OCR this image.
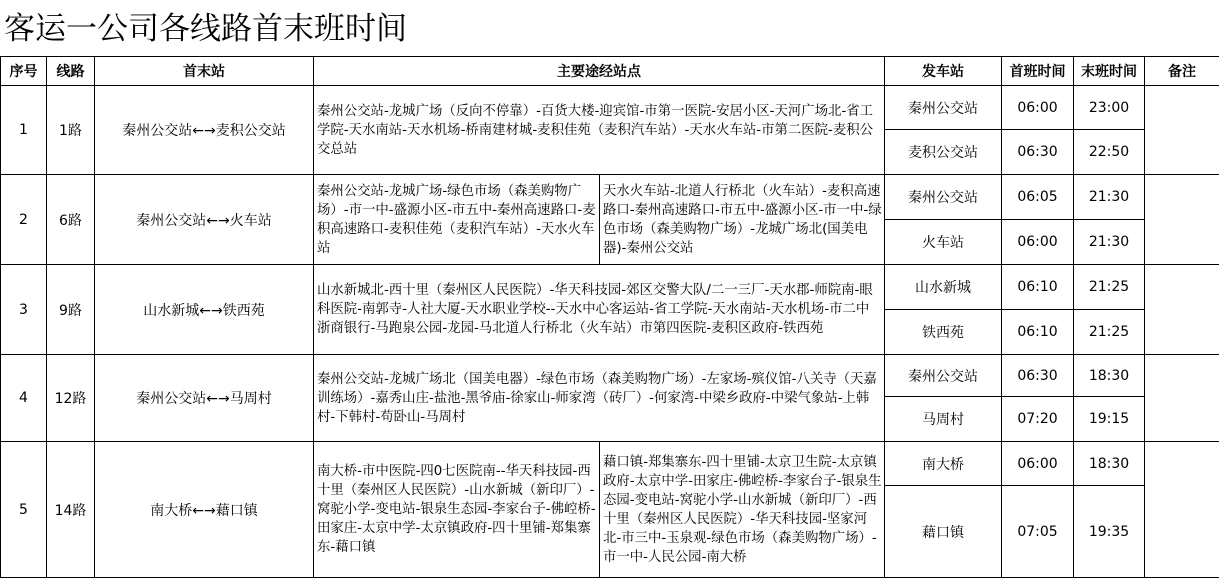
客运一公司各线路首末班时间
序号	线路	首末站	主要途经站点		发车站	首班时间	末班时间	备注
1	1路	秦州公交站←→麦积公交站	秦州公交站-龙城广场（反向不停靠）-百货大楼-迎宾馆-市第一医院-安居小区-天河广场北-省工学院-天水南站-天水机场-桥南建材城-麦积佳苑（麦积汽车站）-天水火车站-市第二医院-麦积公交总站		秦州公交站	06:00	23:00	
					麦积公交站	06:30	22:50	
2	6路	秦州公交站←→火车站	秦州公交站-龙城广场-绿色市场（森美购物广场）-市一中-盛源小区-市五中-秦州高速路口-麦积高速路口-麦积佳苑（麦积汽车站）-天水火车站	天水火车站-北道人行桥北（火车站）-麦积高速路口-秦州高速路口-市五中-盛源小区-市一中-绿色市场（森美购物广场）-龙城广场北(国美电器)-秦州公交站	秦州公交站	06:05	21:30	
					火车站	06:00	21:30	
3	9路	山水新城←→铁西苑	山水新城北-西十里（秦州区人民医院）-华天科技园-郊区交警大队/二一三厂-天水郡-师院南-眼科医院-南郭寺-人社大厦-天水职业学校--天水中心客运站-省工学院-天水南站-天水机场-市二中浙商银行-马跑泉公园-龙园-马北道人行桥北（火车站）市第四医院-麦积区政府-铁西苑		山水新城	06:10	21:25	
					铁西苑	06:10	21:25	
4	12路	秦州公交站←→马周村	秦州公交站-龙城广场北（国美电器）-绿色市场（森美购物广场）-左家场-殡仪馆-八关寺（天嘉训练场）-嘉秀山庄-盐池-黑爷庙-徐家山-师家湾（砖厂）-何家湾-中梁乡政府-中梁气象站-上韩村-下韩村-苟卧山-马周村		秦州公交站	06:30	18:30	
					马周村	07:20	19:15	
5	14路	南大桥←→藉口镇	南大桥-市中医院-四0七医院南--华天科技园-西十里（秦州区人民医院）-山水新城（新印厂）-窝驼小学-变电站-银泉生态园-李家台子-佛崆桥-田家庄-太京中学-太京镇政府-四十里铺-郑集寨东-藉口镇	藉口镇-郑集寨东-四十里铺-太京卫生院-太京镇政府-太京中学-田家庄-佛崆桥-李家台子-银泉生态园-变电站-窝驼小学-山水新城（新印厂）-西十里（秦州区人民医院）-华天科技园-坚家河北-市三中-玉泉观-绿色市场（森美购物广场）-市一中-人民公园-南大桥	南大桥	06:00	18:30	
					藉口镇	07:05	19:35	
